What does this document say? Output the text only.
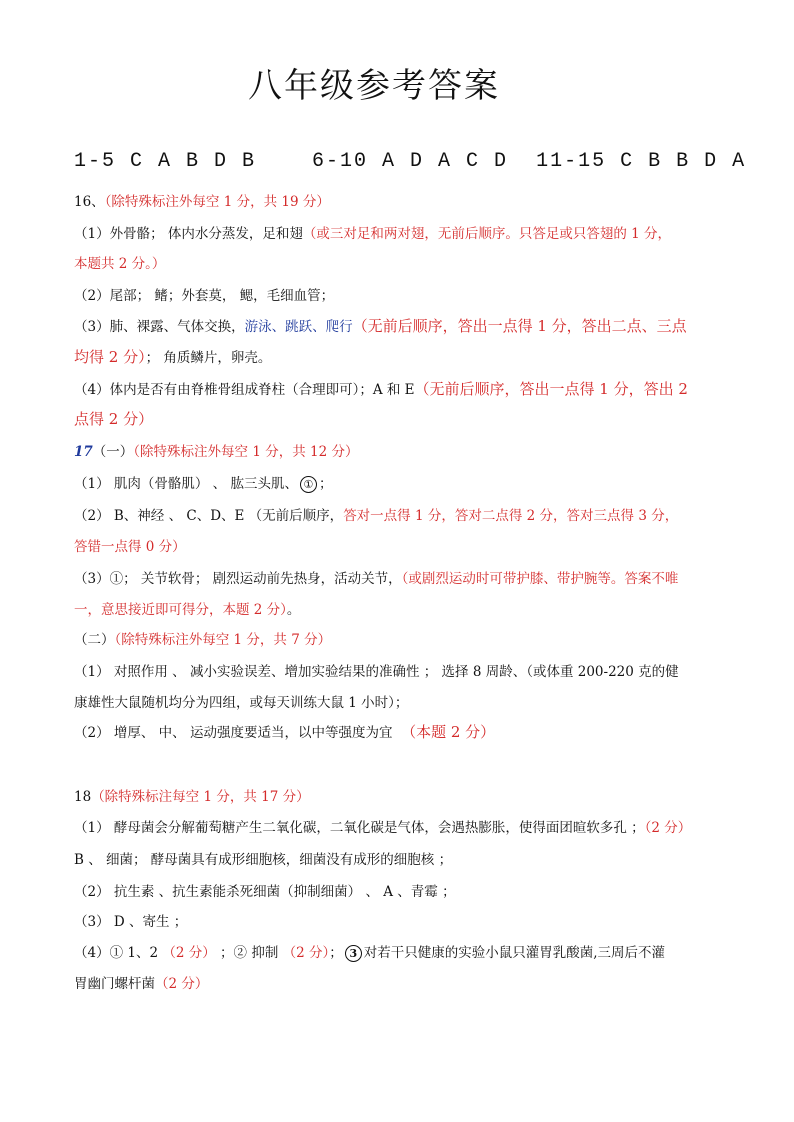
八年级参考答案
1-5 C A B D B    6-10 A D A C D  11-15 C B B D A
16、（除特殊标注外每空 1 分，共 19 分）
（1）外骨骼； 体内水分蒸发，足和翅（或三对足和两对翅，无前后顺序。只答足或只答翅的 1 分，
本题共 2 分。）
（2）尾部； 鳍；外套莫， 鳃，毛细血管；
（3）肺、裸露、气体交换，游泳、跳跃、爬行（无前后顺序，答出一点得 1 分，答出二点、三点
均得 2 分）； 角质鳞片，卵壳。
（4）体内是否有由脊椎骨组成脊柱（合理即可）；A 和 E（无前后顺序，答出一点得 1 分，答出 2
点得 2 分）
17（一）（除特殊标注外每空 1 分，共 12 分）
（1） 肌肉（骨骼肌） 、 肱三头肌、 ① ；
（2） B、神经 、 C、D、E （无前后顺序，答对一点得 1 分，答对二点得 2 分，答对三点得 3 分，
答错一点得 0 分）
（3）①； 关节软骨； 剧烈运动前先热身，活动关节，（或剧烈运动时可带护膝、带护腕等。答案不唯
一，意思接近即可得分，本题 2 分）。
（二）（除特殊标注外每空 1 分，共 7 分）
（1） 对照作用 、 减小实验误差、增加实验结果的准确性 ； 选择 8 周龄、（或体重 200-220 克的健
康雄性大鼠随机均分为四组，或每天训练大鼠 1 小时）；
（2） 增厚、 中、 运动强度要适当，以中等强度为宜 （本题 2 分）
18（除特殊标注每空 1 分，共 17 分）
（1） 酵母菌会分解葡萄糖产生二氧化碳，二氧化碳是气体，会遇热膨胀，使得面团暄软多孔 ；（2 分）
B 、 细菌； 酵母菌具有成形细胞核，细菌没有成形的细胞核 ；
（2） 抗生素 、抗生素能杀死细菌（抑制细菌） 、 A 、青霉 ；
（3） D 、寄生 ；
（4）① 1、2 （2 分） ；② 抑制 （2 分）； 3 对若干只健康的实验小鼠只灌胃乳酸菌,三周后不灌
胃幽门螺杆菌（2 分）
